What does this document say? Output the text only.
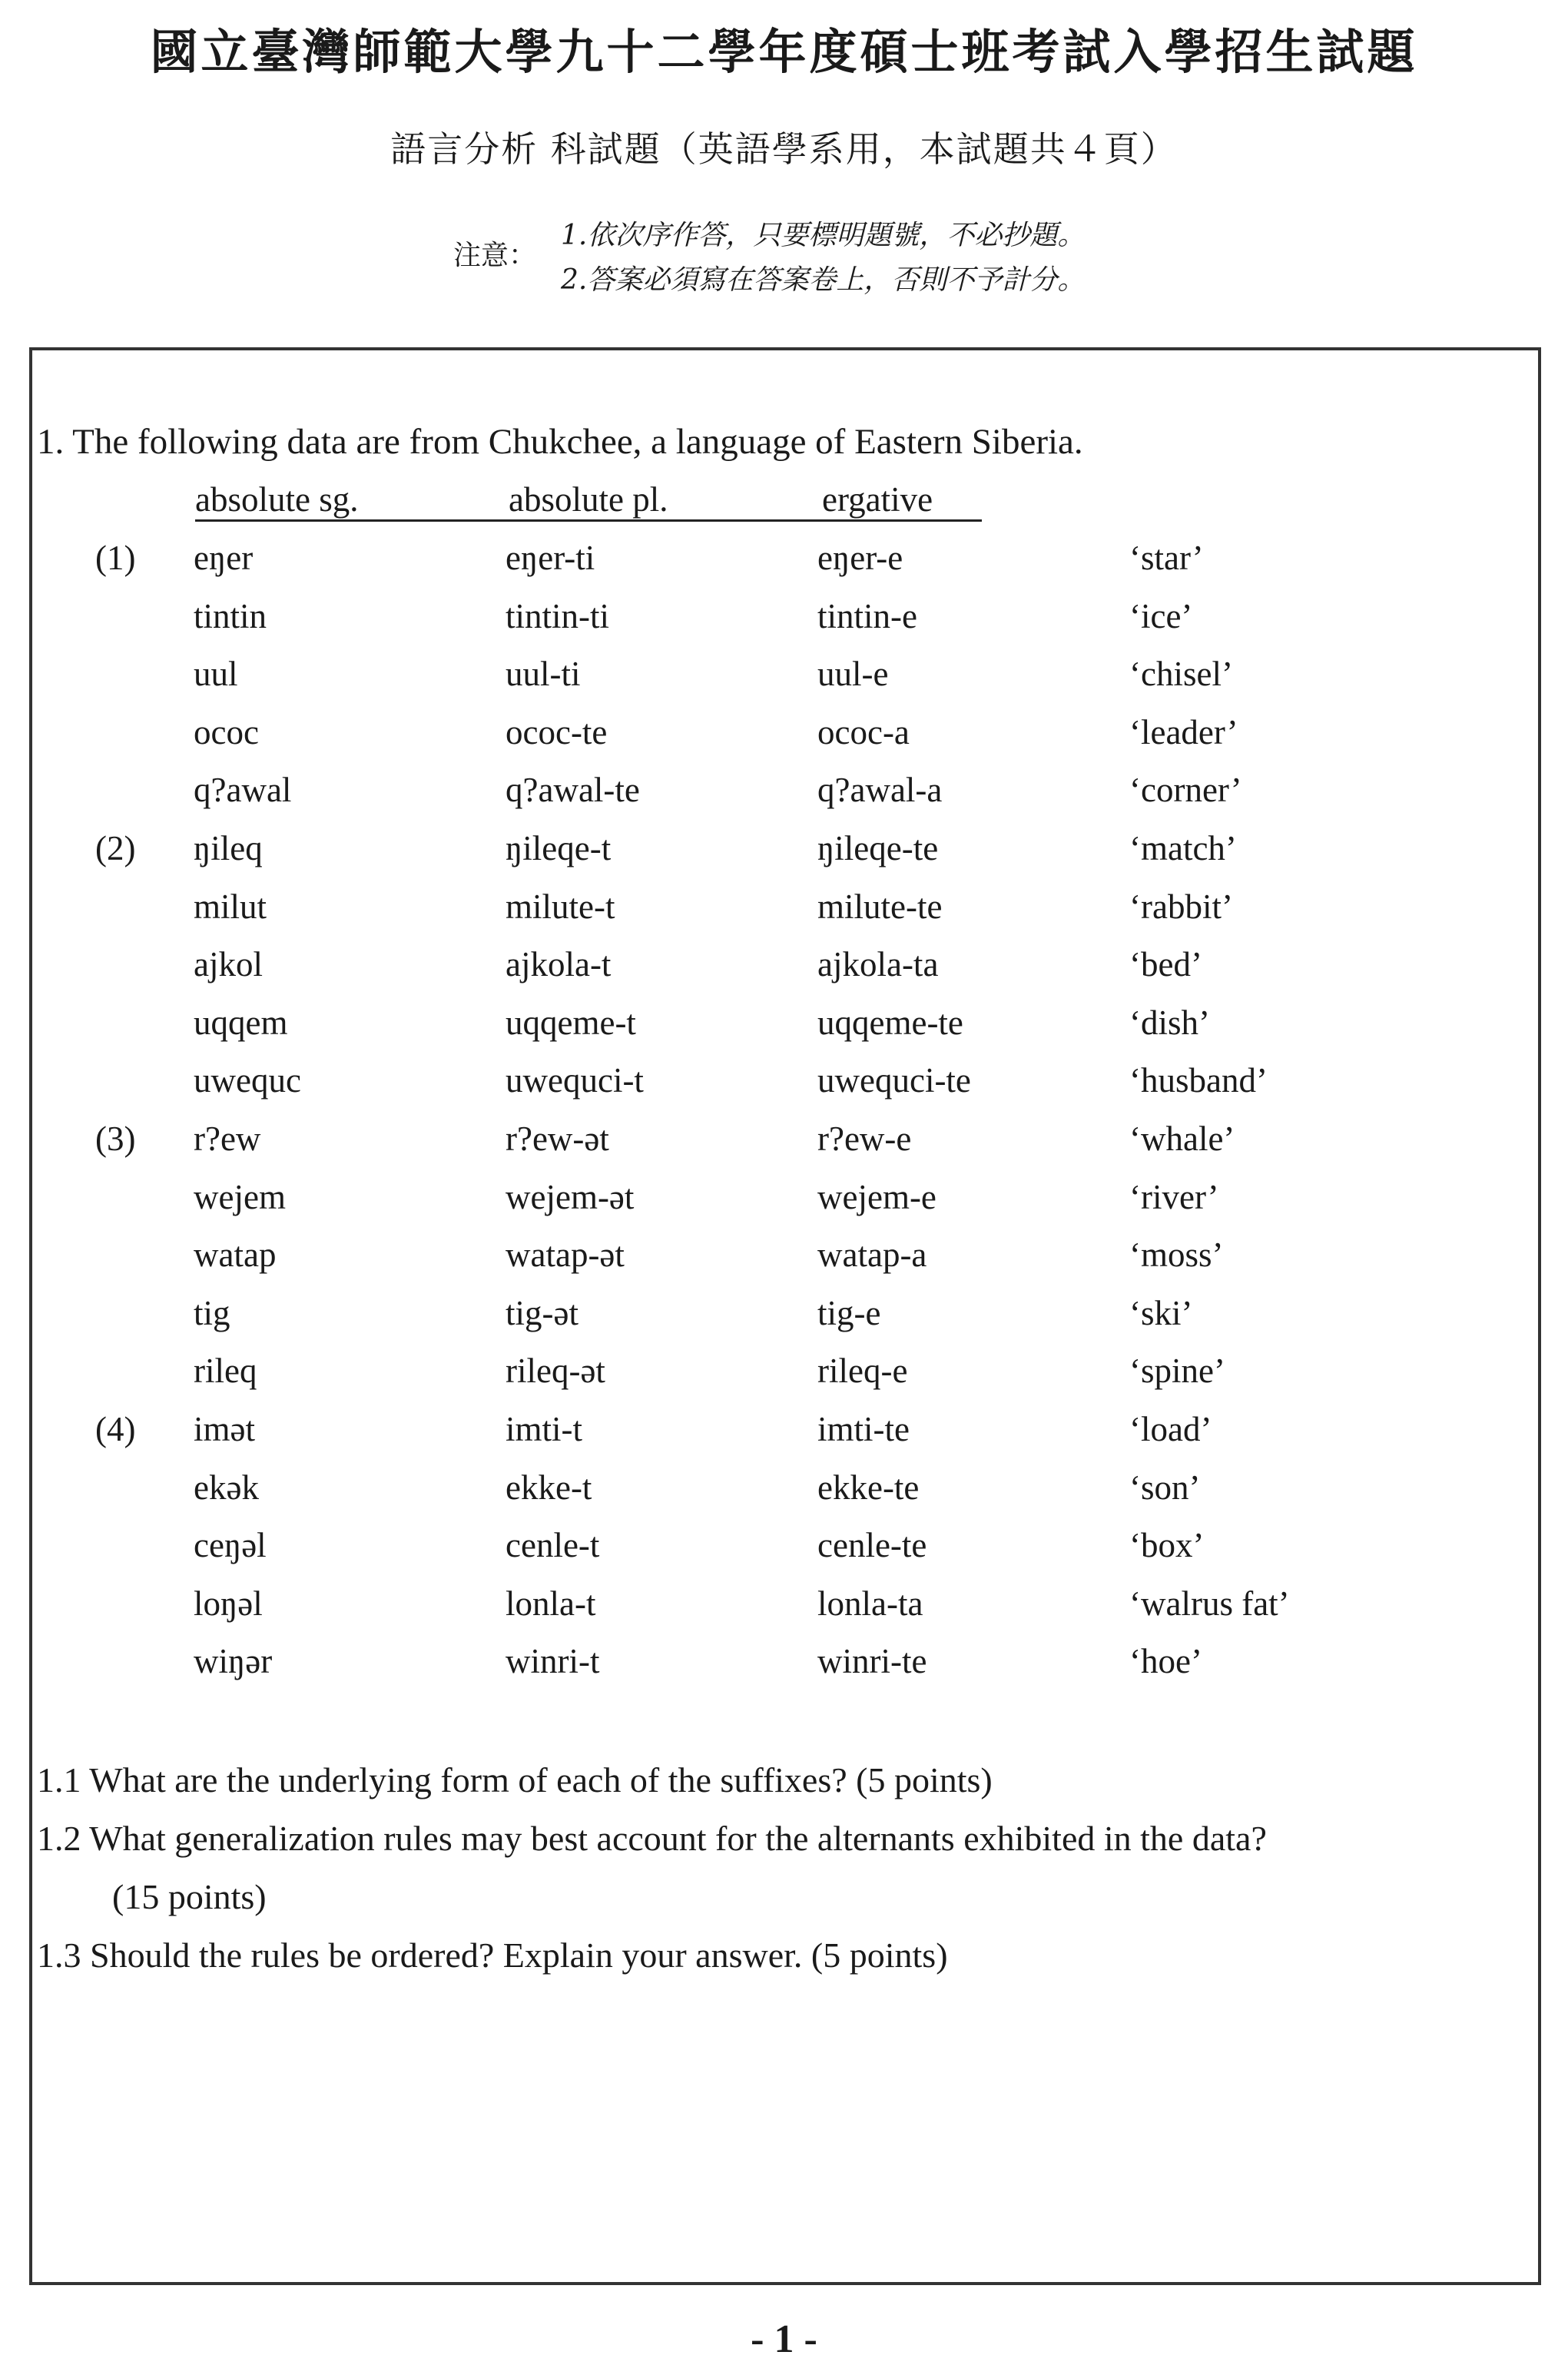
國立臺灣師範大學九十二學年度碩士班考試入學招生試題
語言分析 科試題（英語學系用，本試題共４頁）
注意：
1.依次序作答，只要標明題號，不必抄題。
2.答案必須寫在答案卷上，否則不予計分。
1. The following data are from Chukchee, a language of Eastern Siberia.
absolute sg.	absolute pl.	ergative
(1) eŋer	eŋer-ti	eŋer-e	‘star’
tintin	tintin-ti	tintin-e	‘ice’
uul	uul-ti	uul-e	‘chisel’
ococ	ococ-te	ococ-a	‘leader’
q?awal	q?awal-te	q?awal-a	‘corner’
(2) ŋileq	ŋileqe-t	ŋileqe-te	‘match’
milut	milute-t	milute-te	‘rabbit’
ajkol	ajkola-t	ajkola-ta	‘bed’
uqqem	uqqeme-t	uqqeme-te	‘dish’
uwequc	uwequci-t	uwequci-te	‘husband’
(3) r?ew	r?ew-ət	r?ew-e	‘whale’
wejem	wejem-ət	wejem-e	‘river’
watap	watap-ət	watap-a	‘moss’
tig	tig-ət	tig-e	‘ski’
rileq	rileq-ət	rileq-e	‘spine’
(4) imət	imti-t	imti-te	‘load’
ekək	ekke-t	ekke-te	‘son’
ceŋəl	cenle-t	cenle-te	‘box’
loŋəl	lonla-t	lonla-ta	‘walrus fat’
wiŋər	winri-t	winri-te	‘hoe’
1.1 What are the underlying form of each of the suffixes? (5 points)
1.2 What generalization rules may best account for the alternants exhibited in the data?
(15 points)
1.3 Should the rules be ordered? Explain your answer. (5 points)
- 1 -
